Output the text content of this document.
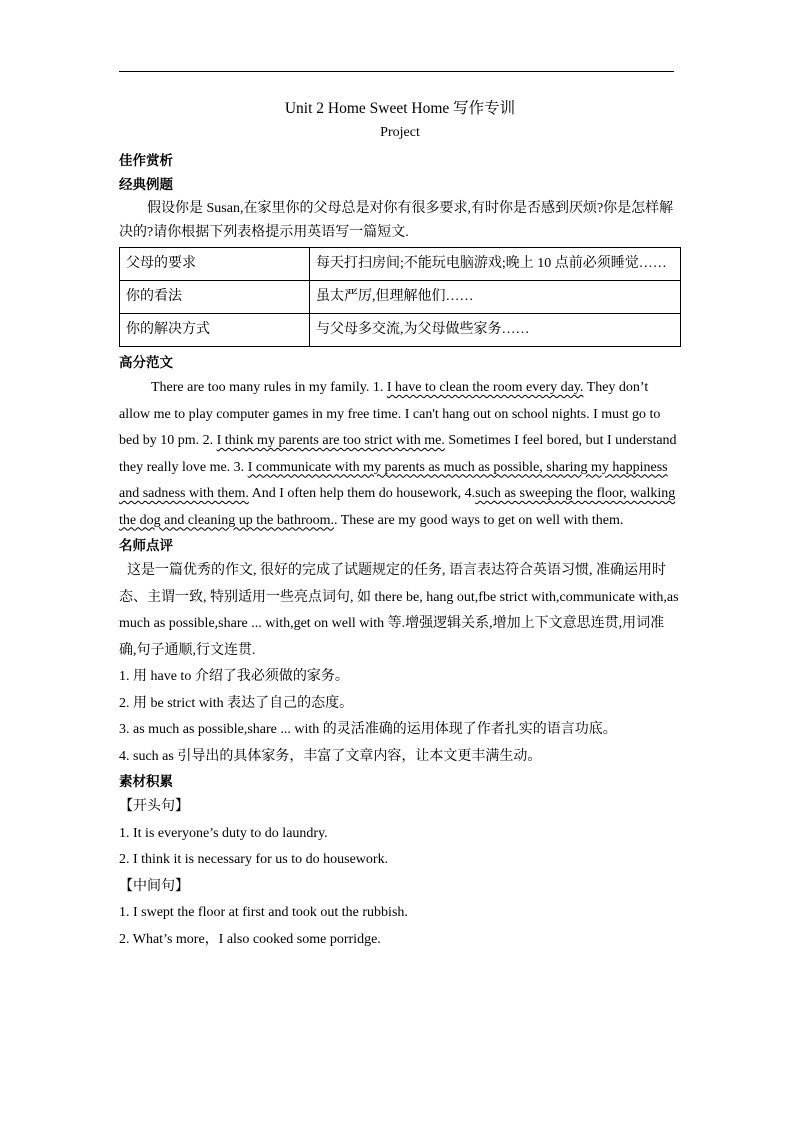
Unit 2 Home Sweet Home 写作专训
Project
佳作赏析
经典例题
假设你是 Susan,在家里你的父母总是对你有很多要求,有时你是否感到厌烦?你是怎样解决的?请你根据下列表格提示用英语写一篇短文.
父母的要求	每天打扫房间;不能玩电脑游戏;晚上 10 点前必须睡觉……
你的看法	虽太严厉,但理解他们……
你的解决方式	与父母多交流,为父母做些家务……
高分范文
There are too many rules in my family. 1. I have to clean the room every day. They don’t allow me to play computer games in my free time. I can't hang out on school nights. I must go to bed by 10 pm. 2. I think my parents are too strict with me. Sometimes I feel bored, but I understand they really love me. 3. I communicate with my parents as much as possible, sharing my happiness and sadness with them. And I often help them do housework, 4.such as sweeping the floor, walking the dog and cleaning up the bathroom.. These are my good ways to get on well with them.
名师点评
这是一篇优秀的作文, 很好的完成了试题规定的任务, 语言表达符合英语习惯, 准确运用时态、主谓一致, 特别适用一些亮点词句, 如 there be, hang out,fbe strict with,communicate with,as much as possible,share ... with,get on well with 等.增强逻辑关系,增加上下文意思连贯,用词准确,句子通顺,行文连贯.
1. 用 have to 介绍了我必须做的家务。
2. 用 be strict with 表达了自己的态度。
3. as much as possible,share ... with 的灵活准确的运用体现了作者扎实的语言功底。
4. such as 引导出的具体家务，丰富了文章内容，让本文更丰满生动。
素材积累
【开头句】
1. It is everyone’s duty to do laundry.
2. I think it is necessary for us to do housework.
【中间句】
1. I swept the floor at first and took out the rubbish.
2. What’s more，I also cooked some porridge.
